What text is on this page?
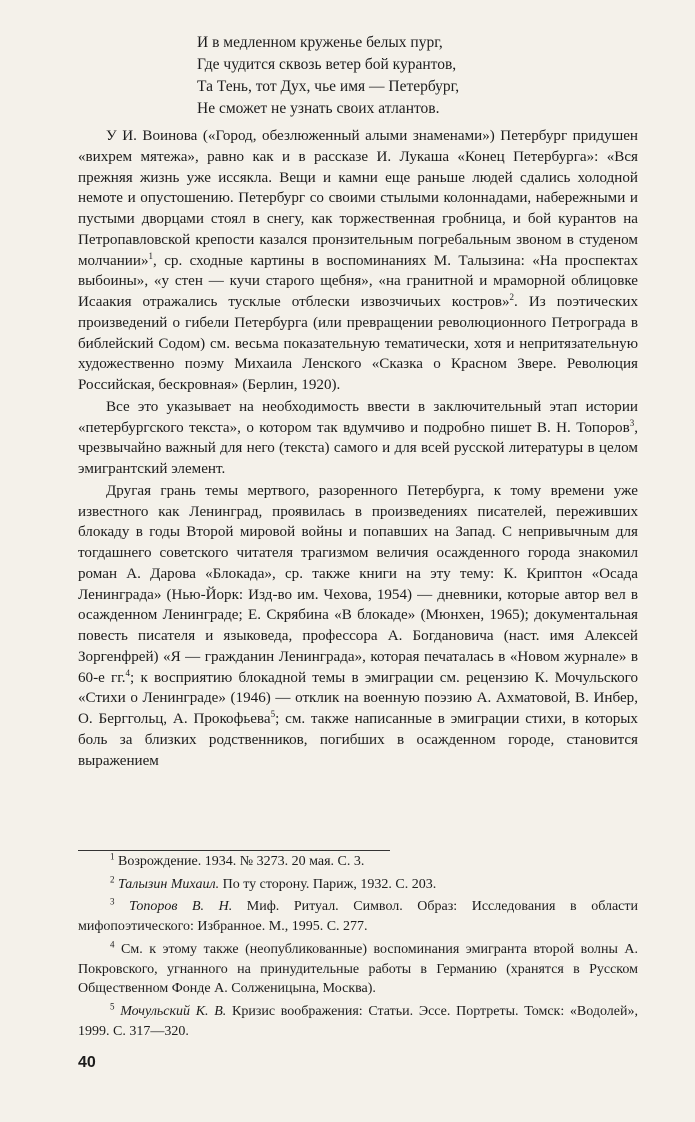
И в медленном круженье белых пург,
Где чудится сквозь ветер бой курантов,
Та Тень, тот Дух, чье имя — Петербург,
Не сможет не узнать своих атлантов.

У И. Воинова («Город, обезлюженный алыми знаменами») Петербург придушен «вихрем мятежа», равно как и в рассказе И. Лукаша «Конец Петербурга»: «Вся прежняя жизнь уже иссякла. Вещи и камни еще раньше людей сдались холодной немоте и опустошению. Петербург со своими стылыми колоннадами, набережными и пустыми дворцами стоял в снегу, как торжественная гробница, и бой курантов на Петропавловской крепости казался пронзительным погребальным звоном в студеном молчании»$^1$, ср. сходные картины в воспоминаниях М. Талызина: «На проспектах выбоины», «у стен — кучи старого щебня», «на гранитной и мраморной облицовке Исаакия отражались тусклые отблески извозчичьих костров»$^2$. Из поэтических произведений о гибели Петербурга (или превращении революционного Петрограда в библейский Содом) см. весьма показательную тематически, хотя и непритязательную художественно поэму Михаила Ленского «Сказка о Красном Звере. Революция Российская, бескровная» (Берлин, 1920).

Все это указывает на необходимость ввести в заключительный этап истории «петербургского текста», о котором так вдумчиво и подробно пишет В. Н. Топоров$^3$, чрезвычайно важный для него (текста) самого и для всей русской литературы в целом эмигрантский элемент.

Другая грань темы мертвого, разоренного Петербурга, к тому времени уже известного как Ленинград, проявилась в произведениях писателей, переживших блокаду в годы Второй мировой войны и попавших на Запад. С непривычным для тогдашнего советского читателя трагизмом величия осажденного города знакомил роман А. Дарова «Блокада», ср. также книги на эту тему: К. Криптон «Осада Ленинграда» (Нью-Йорк: Изд-во им. Чехова, 1954) — дневники, которые автор вел в осажденном Ленинграде; Е. Скрябина «В блокаде» (Мюнхен, 1965); документальная повесть писателя и языковеда, профессора А. Богдановича (наст. имя Алексей Зоргенфрей) «Я — гражданин Ленинграда», которая печаталась в «Новом журнале» в 60-е гг.$^4$; к восприятию блокадной темы в эмиграции см. рецензию К. Мочульского «Стихи о Ленинграде» (1946) — отклик на военную поэзию А. Ахматовой, В. Инбер, О. Берггольц, А. Прокофьева$^5$; см. также написанные в эмиграции стихи, в которых боль за близких родственников, погибших в осажденном городе, становится выражением

$^1$ Возрождение. 1934. № 3273. 20 мая. С. 3.

$^2$ Талызин Михаил. По ту сторону. Париж, 1932. С. 203.

$^3$ Топоров В. Н. Миф. Ритуал. Символ. Образ: Исследования в области мифопоэтического: Избранное. М., 1995. С. 277.

$^4$ См. к этому также (неопубликованные) воспоминания эмигранта второй волны А. Покровского, угнанного на принудительные работы в Германию (хранятся в Русском Общественном Фонде А. Солженицына, Москва).

$^5$ Мочульский К. В. Кризис воображения: Статьи. Эссе. Портреты. Томск: «Водолей», 1999. С. 317—320.

40
